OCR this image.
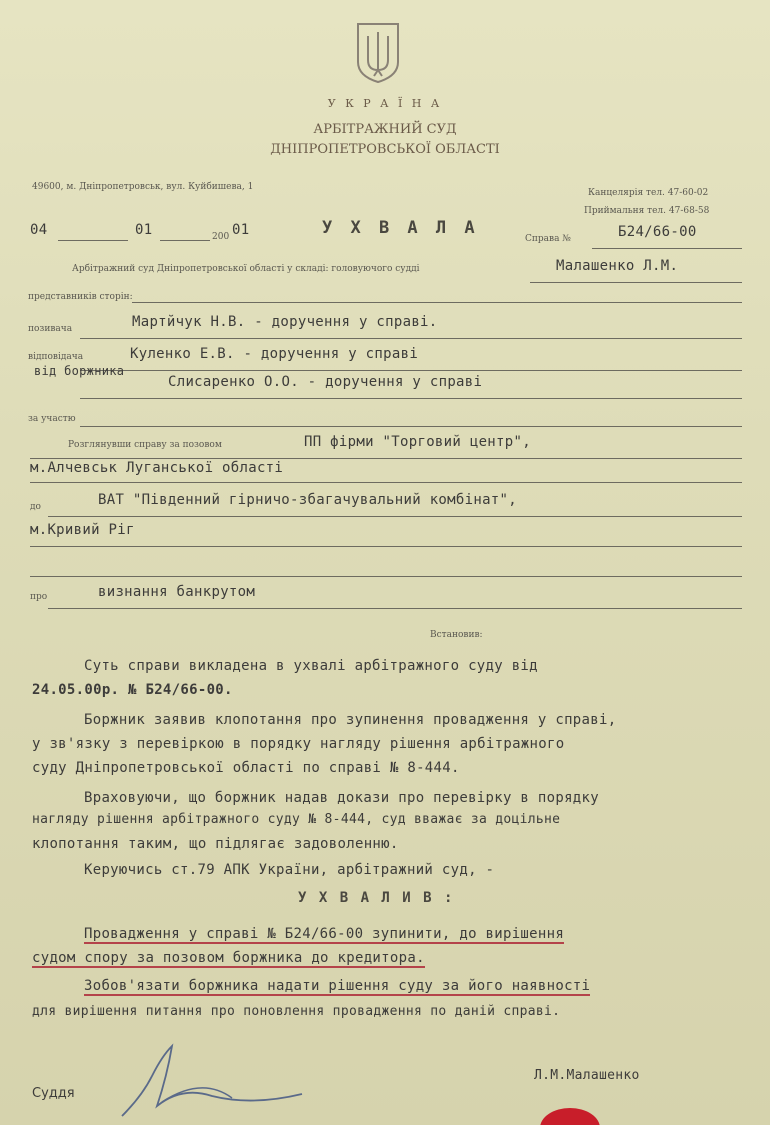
У К Р А Ї Н А
АРБІТРАЖНИЙ СУД
ДНІПРОПЕТРОВСЬКОЇ ОБЛАСТІ
49600, м. Дніпропетровськ, вул. Куйбишева, 1
Канцелярія тел. 47-60-02
Приймальня тел. 47-68-58
04	01	200 01	У Х В А Л А
Справа №	Б24/66-00
Арбітражний суд Дніпропетровської області у складі: головуючого судді	Малашенко Л.М.
представників сторін:
позивача	Мартйчук Н.В. - доручення у справі.
відповідача	Куленко Е.В. - доручення у справі
від боржника
Слисаренко О.О. - доручення у справі
за участю
Розглянувши справу за позовом	ПП фірми "Торговий центр",
м.Алчевськ Луганської області
до	ВАТ "Південний гірничо-збагачувальний комбінат",
м.Кривий Ріг
про	визнання банкрутом
Встановив:
Суть справи викладена в ухвалі арбітражного суду від
24.05.00р. № Б24/66-00.
Боржник заявив клопотання про зупинення провадження у справі,
у зв'язку з перевіркою в порядку нагляду рішення арбітражного
суду Дніпропетровської області по справі № 8-444.
Враховуючи, що боржник надав докази про перевірку в порядку
нагляду рішення арбітражного суду № 8-444, суд вважає за доцільне
клопотання таким, що підлягає задоволенню.
Керуючись ст.79 АПК України, арбітражний суд, -
У Х В А Л И В :
Провадження у справі № Б24/66-00 зупинити, до вирішення
судом спору за позовом боржника до кредитора.
Зобов'язати боржника надати рішення суду за його наявності
для вирішення питання про поновлення провадження по даній справі.
Суддя
Л.М.Малашенко
